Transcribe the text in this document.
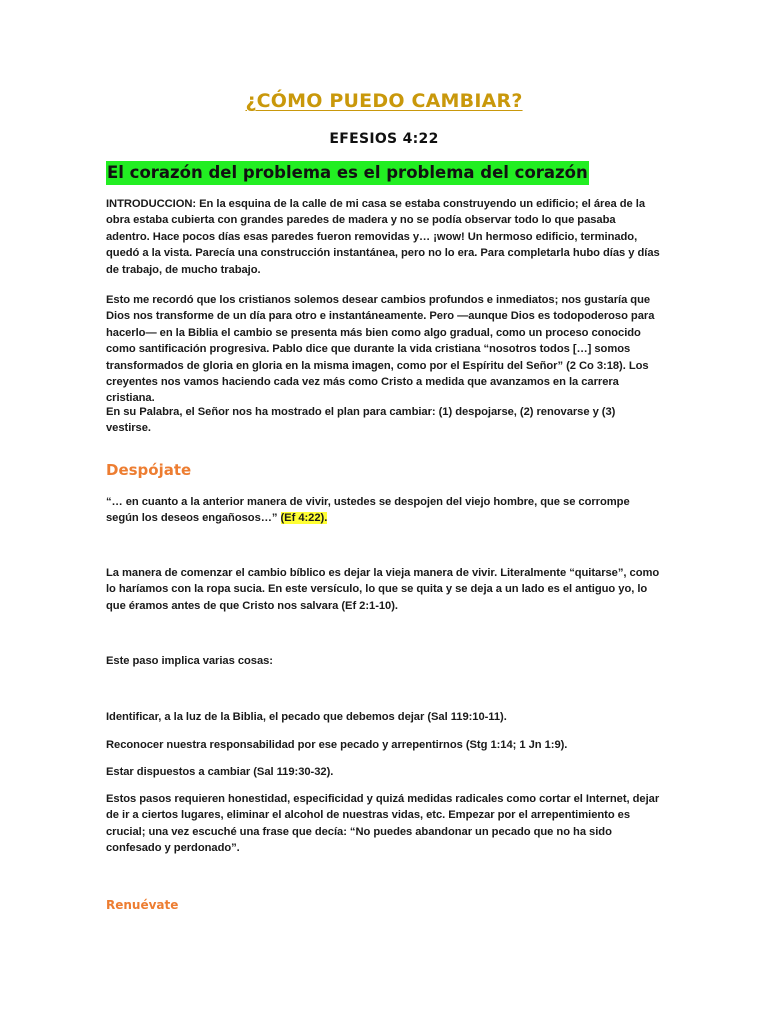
¿CÓMO PUEDO CAMBIAR?
EFESIOS 4:22
El corazón del problema es el problema del corazón

INTRODUCCION: En la esquina de la calle de mi casa se estaba construyendo un edificio; el área de la obra estaba cubierta con grandes paredes de madera y no se podía observar todo lo que pasaba adentro. Hace pocos días esas paredes fueron removidas y… ¡wow! Un hermoso edificio, terminado, quedó a la vista. Parecía una construcción instantánea, pero no lo era. Para completarla hubo días y días de trabajo, de mucho trabajo.

Esto me recordó que los cristianos solemos desear cambios profundos e inmediatos; nos gustaría que Dios nos transforme de un día para otro e instantáneamente. Pero —aunque Dios es todopoderoso para hacerlo— en la Biblia el cambio se presenta más bien como algo gradual, como un proceso conocido como santificación progresiva. Pablo dice que durante la vida cristiana “nosotros todos […] somos transformados de gloria en gloria en la misma imagen, como por el Espíritu del Señor” (2 Co 3:18). Los creyentes nos vamos haciendo cada vez más como Cristo a medida que avanzamos en la carrera cristiana.

En su Palabra, el Señor nos ha mostrado el plan para cambiar: (1) despojarse, (2) renovarse y (3) vestirse.

Despójate

“… en cuanto a la anterior manera de vivir, ustedes se despojen del viejo hombre, que se corrompe según los deseos engañosos…” (Ef 4:22).

La manera de comenzar el cambio bíblico es dejar la vieja manera de vivir. Literalmente “quitarse”, como lo haríamos con la ropa sucia. En este versículo, lo que se quita y se deja a un lado es el antiguo yo, lo que éramos antes de que Cristo nos salvara (Ef 2:1-10).

Este paso implica varias cosas:

Identificar, a la luz de la Biblia, el pecado que debemos dejar (Sal 119:10-11).

Reconocer nuestra responsabilidad por ese pecado y arrepentirnos (Stg 1:14; 1 Jn 1:9).

Estar dispuestos a cambiar (Sal 119:30-32).

Estos pasos requieren honestidad, especificidad y quizá medidas radicales como cortar el Internet, dejar de ir a ciertos lugares, eliminar el alcohol de nuestras vidas, etc. Empezar por el arrepentimiento es crucial; una vez escuché una frase que decía: “No puedes abandonar un pecado que no ha sido confesado y perdonado”.

Renuévate
